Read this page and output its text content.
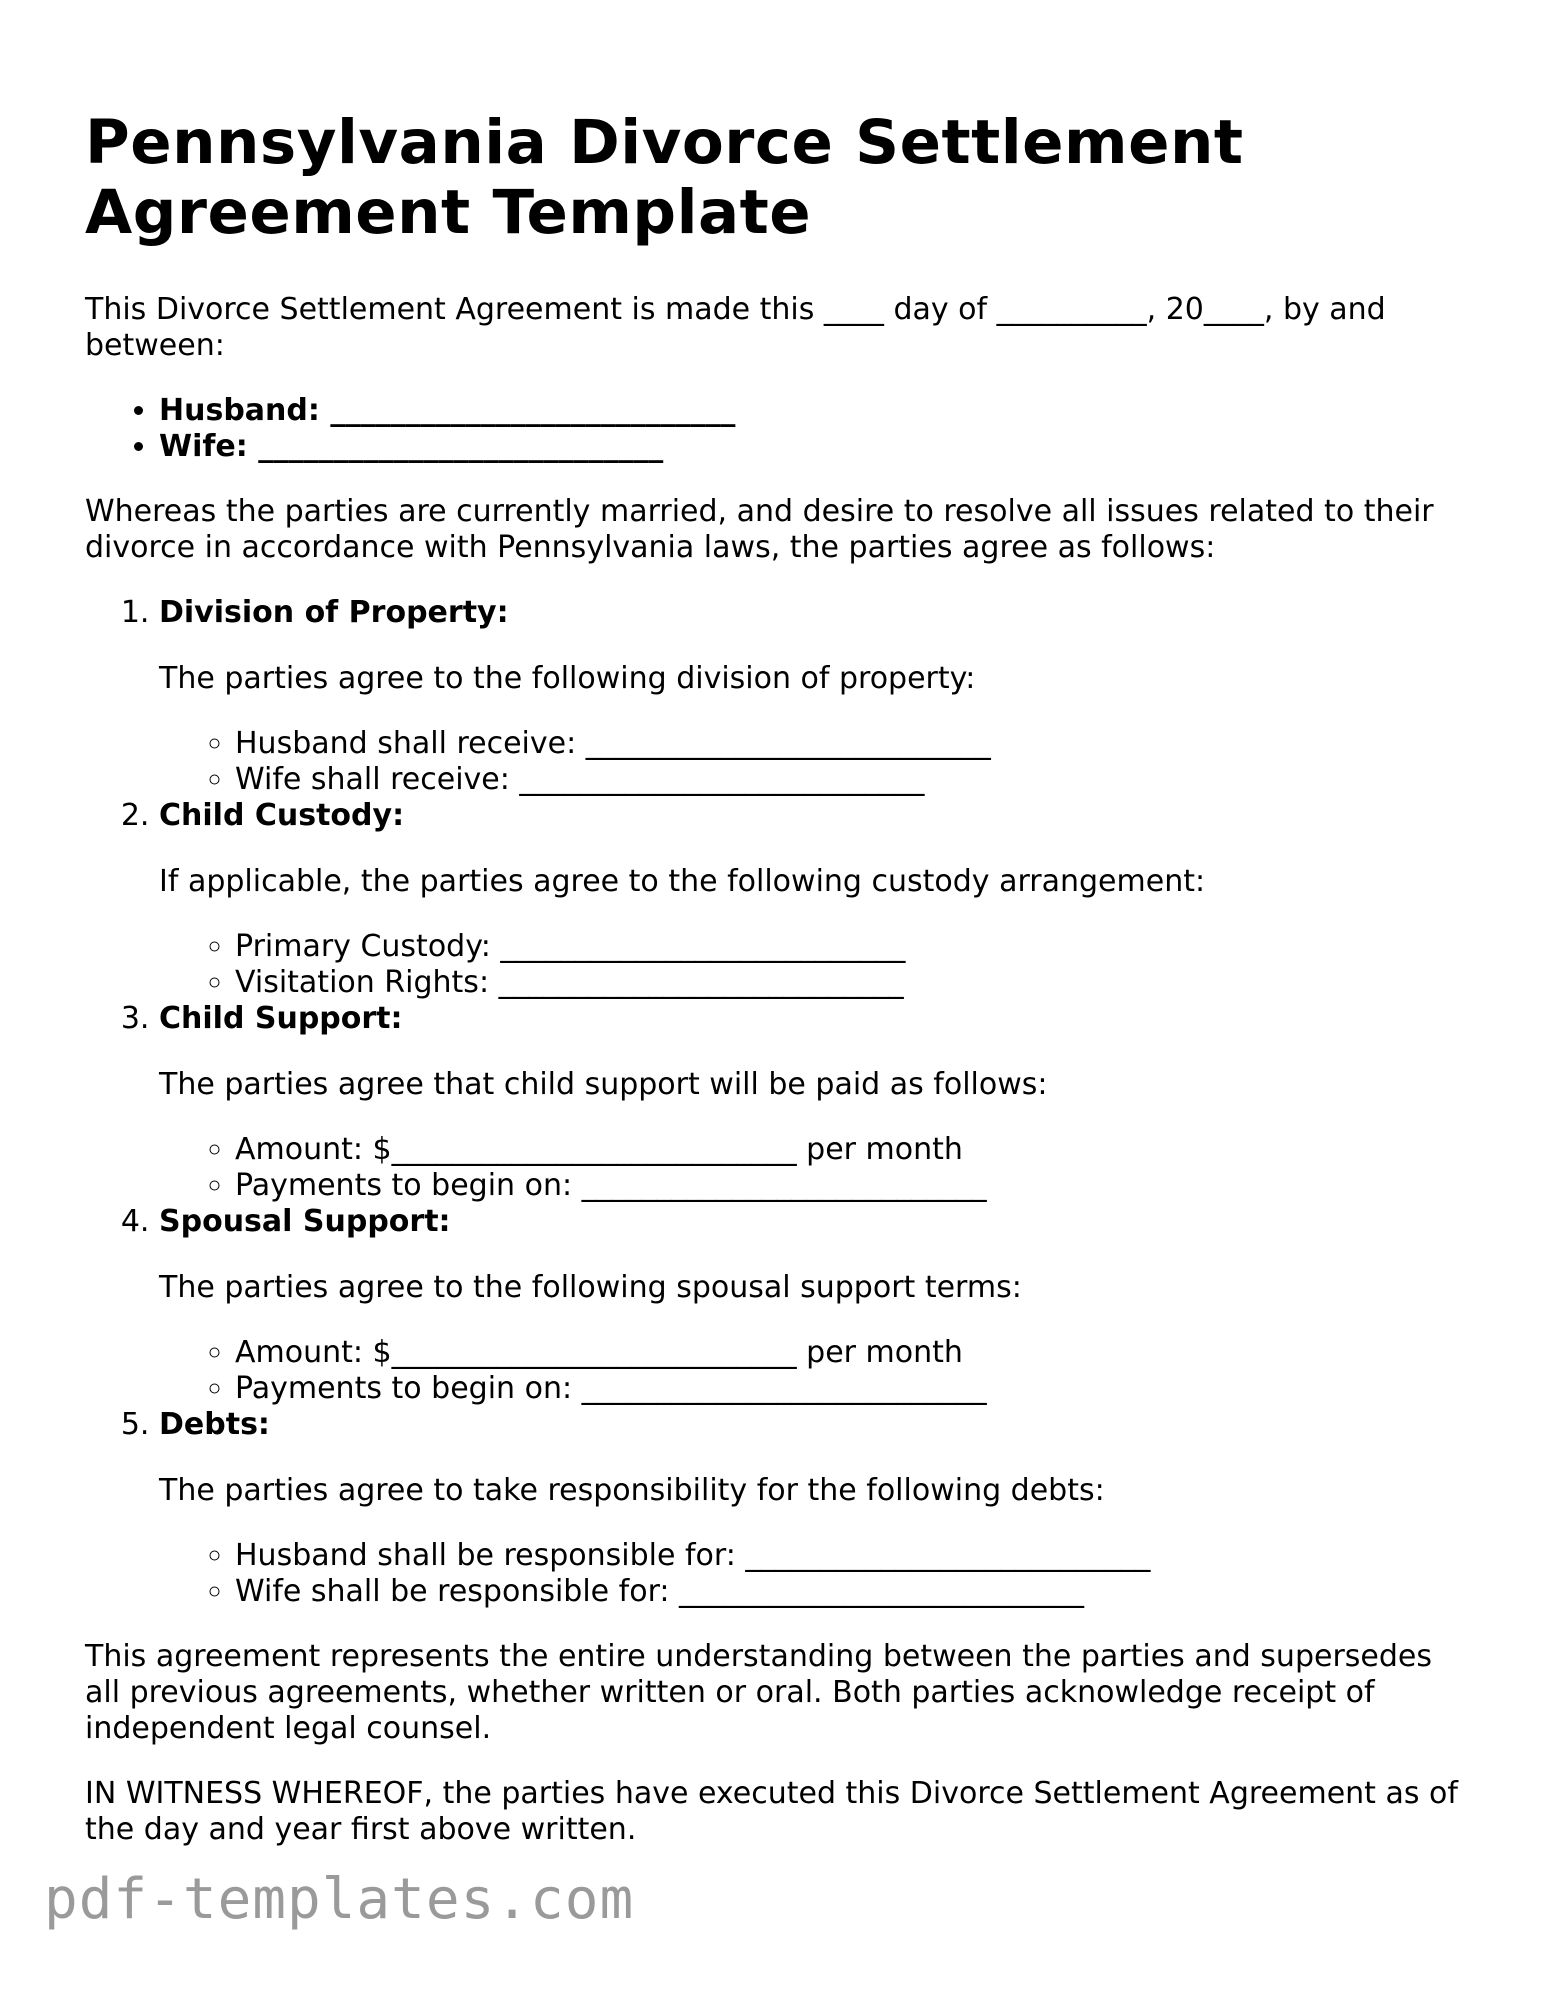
Pennsylvania Divorce Settlement
Agreement Template

This Divorce Settlement Agreement is made this ____ day of __________, 20____, by and between:

• Husband: ___________________________
• Wife: ___________________________

Whereas the parties are currently married, and desire to resolve all issues related to their divorce in accordance with Pennsylvania laws, the parties agree as follows:

1. Division of Property:
The parties agree to the following division of property:
◦ Husband shall receive: ___________________________
◦ Wife shall receive: ___________________________
2. Child Custody:
If applicable, the parties agree to the following custody arrangement:
◦ Primary Custody: ___________________________
◦ Visitation Rights: ___________________________
3. Child Support:
The parties agree that child support will be paid as follows:
◦ Amount: $___________________________ per month
◦ Payments to begin on: ___________________________
4. Spousal Support:
The parties agree to the following spousal support terms:
◦ Amount: $___________________________ per month
◦ Payments to begin on: ___________________________
5. Debts:
The parties agree to take responsibility for the following debts:
◦ Husband shall be responsible for: ___________________________
◦ Wife shall be responsible for: ___________________________

This agreement represents the entire understanding between the parties and supersedes all previous agreements, whether written or oral. Both parties acknowledge receipt of independent legal counsel.

IN WITNESS WHEREOF, the parties have executed this Divorce Settlement Agreement as of the day and year first above written.

pdf-templates.com
